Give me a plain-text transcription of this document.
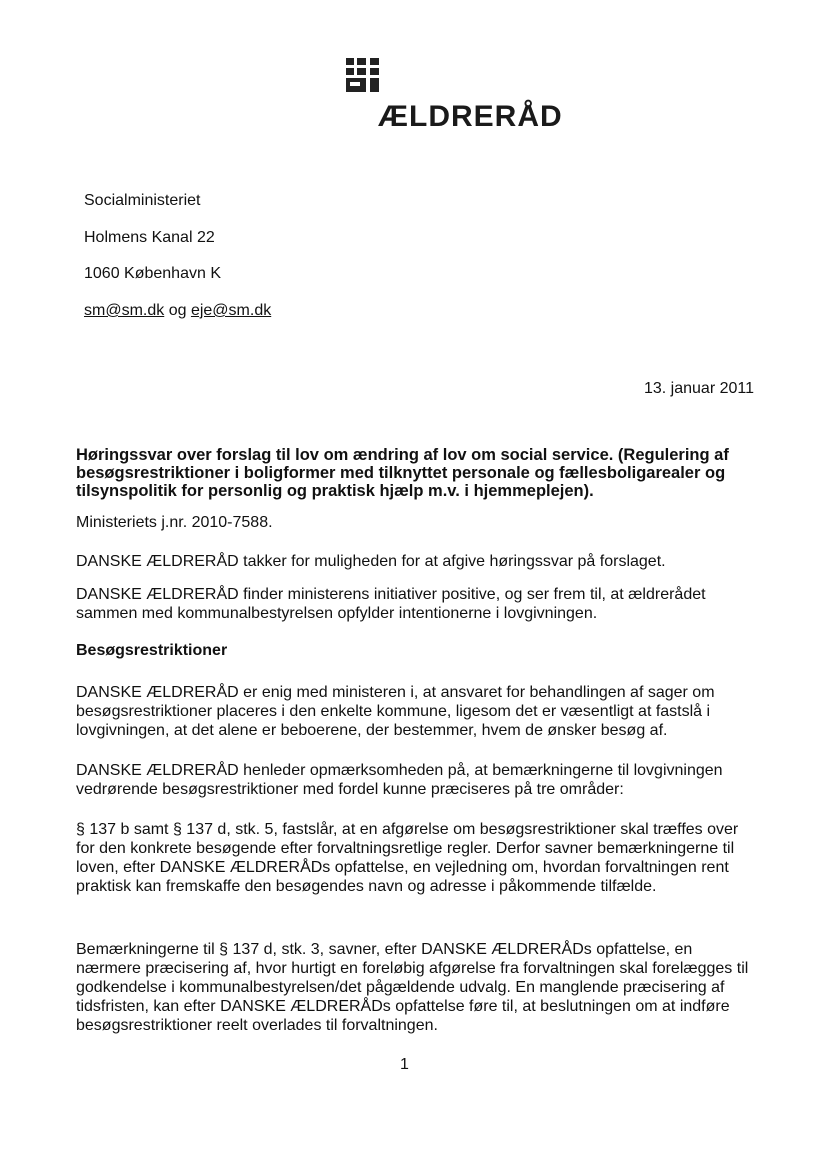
ÆLDRERÅD
Socialministeriet
Holmens Kanal 22
1060 København K
sm@sm.dk og eje@sm.dk
13. januar 2011
Høringssvar over forslag til lov om ændring af lov om social service. (Regulering af besøgsrestriktioner i boligformer med tilknyttet personale og fællesboligarealer og tilsynspolitik for personlig og praktisk hjælp m.v. i hjemmeplejen).
Ministeriets j.nr. 2010-7588.
DANSKE ÆLDRERÅD takker for muligheden for at afgive høringssvar på forslaget.
DANSKE ÆLDRERÅD finder ministerens initiativer positive, og ser frem til, at ældrerådet sammen med kommunalbestyrelsen opfylder intentionerne i lovgivningen.
Besøgsrestriktioner
DANSKE ÆLDRERÅD er enig med ministeren i, at ansvaret for behandlingen af sager om besøgsrestriktioner placeres i den enkelte kommune, ligesom det er væsentligt at fastslå i lovgivningen, at det alene er beboerene, der bestemmer, hvem de ønsker besøg af.
DANSKE ÆLDRERÅD henleder opmærksomheden på, at bemærkningerne til lovgivningen vedrørende besøgsrestriktioner med fordel kunne præciseres på tre områder:
§ 137 b samt § 137 d, stk. 5, fastslår, at en afgørelse om besøgsrestriktioner skal træffes over for den konkrete besøgende efter forvaltningsretlige regler. Derfor savner bemærkningerne til loven, efter DANSKE ÆLDRERÅDs opfattelse, en vejledning om, hvordan forvaltningen rent praktisk kan fremskaffe den besøgendes navn og adresse i påkommende tilfælde.
Bemærkningerne til § 137 d, stk. 3, savner, efter DANSKE ÆLDRERÅDs opfattelse, en nærmere præcisering af, hvor hurtigt en foreløbig afgørelse fra forvaltningen skal forelægges til godkendelse i kommunalbestyrelsen/det pågældende udvalg. En manglende præcisering af tidsfristen, kan efter DANSKE ÆLDRERÅDs opfattelse føre til, at beslutningen om at indføre besøgsrestriktioner reelt overlades til forvaltningen.
1
